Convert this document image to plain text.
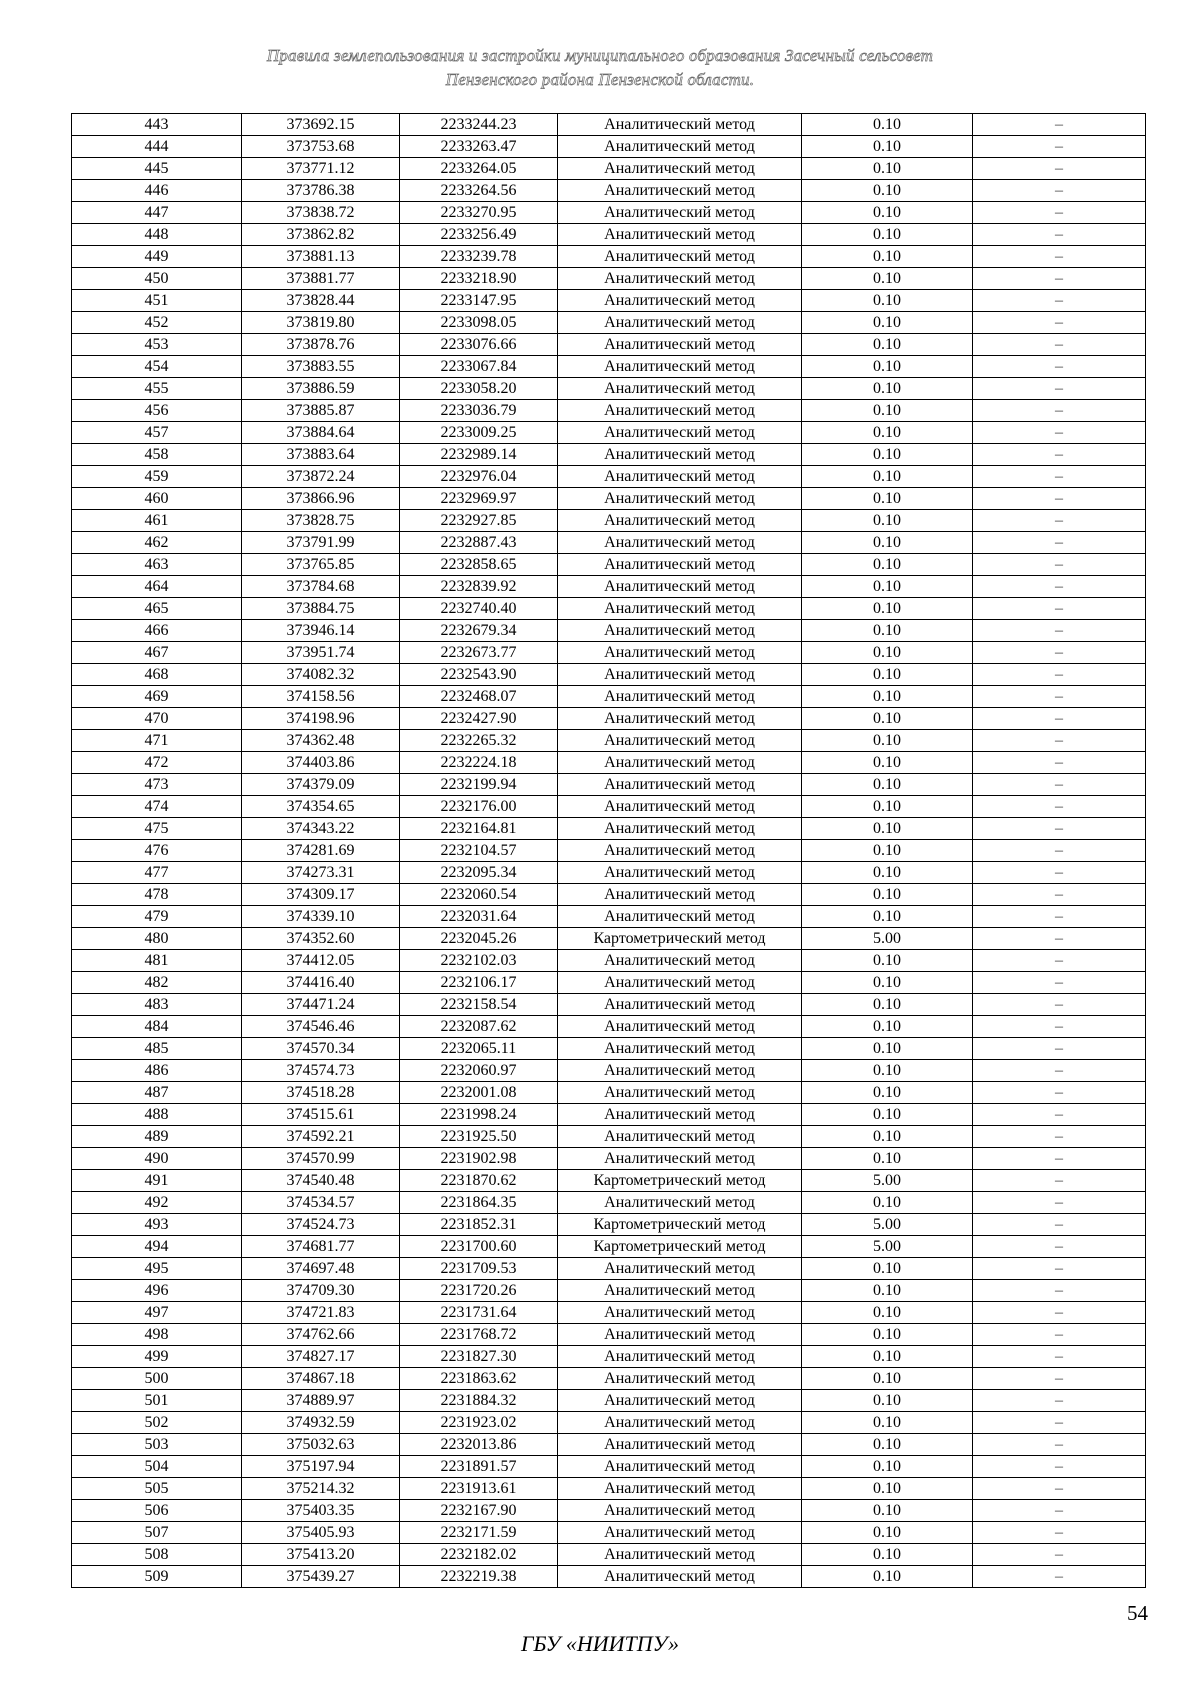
Правила землепользования и застройки муниципального образования Засечный сельсовет
Пензенского района Пензенской области.
443	373692.15	2233244.23	Аналитический метод	0.10	–
444	373753.68	2233263.47	Аналитический метод	0.10	–
445	373771.12	2233264.05	Аналитический метод	0.10	–
446	373786.38	2233264.56	Аналитический метод	0.10	–
447	373838.72	2233270.95	Аналитический метод	0.10	–
448	373862.82	2233256.49	Аналитический метод	0.10	–
449	373881.13	2233239.78	Аналитический метод	0.10	–
450	373881.77	2233218.90	Аналитический метод	0.10	–
451	373828.44	2233147.95	Аналитический метод	0.10	–
452	373819.80	2233098.05	Аналитический метод	0.10	–
453	373878.76	2233076.66	Аналитический метод	0.10	–
454	373883.55	2233067.84	Аналитический метод	0.10	–
455	373886.59	2233058.20	Аналитический метод	0.10	–
456	373885.87	2233036.79	Аналитический метод	0.10	–
457	373884.64	2233009.25	Аналитический метод	0.10	–
458	373883.64	2232989.14	Аналитический метод	0.10	–
459	373872.24	2232976.04	Аналитический метод	0.10	–
460	373866.96	2232969.97	Аналитический метод	0.10	–
461	373828.75	2232927.85	Аналитический метод	0.10	–
462	373791.99	2232887.43	Аналитический метод	0.10	–
463	373765.85	2232858.65	Аналитический метод	0.10	–
464	373784.68	2232839.92	Аналитический метод	0.10	–
465	373884.75	2232740.40	Аналитический метод	0.10	–
466	373946.14	2232679.34	Аналитический метод	0.10	–
467	373951.74	2232673.77	Аналитический метод	0.10	–
468	374082.32	2232543.90	Аналитический метод	0.10	–
469	374158.56	2232468.07	Аналитический метод	0.10	–
470	374198.96	2232427.90	Аналитический метод	0.10	–
471	374362.48	2232265.32	Аналитический метод	0.10	–
472	374403.86	2232224.18	Аналитический метод	0.10	–
473	374379.09	2232199.94	Аналитический метод	0.10	–
474	374354.65	2232176.00	Аналитический метод	0.10	–
475	374343.22	2232164.81	Аналитический метод	0.10	–
476	374281.69	2232104.57	Аналитический метод	0.10	–
477	374273.31	2232095.34	Аналитический метод	0.10	–
478	374309.17	2232060.54	Аналитический метод	0.10	–
479	374339.10	2232031.64	Аналитический метод	0.10	–
480	374352.60	2232045.26	Картометрический метод	5.00	–
481	374412.05	2232102.03	Аналитический метод	0.10	–
482	374416.40	2232106.17	Аналитический метод	0.10	–
483	374471.24	2232158.54	Аналитический метод	0.10	–
484	374546.46	2232087.62	Аналитический метод	0.10	–
485	374570.34	2232065.11	Аналитический метод	0.10	–
486	374574.73	2232060.97	Аналитический метод	0.10	–
487	374518.28	2232001.08	Аналитический метод	0.10	–
488	374515.61	2231998.24	Аналитический метод	0.10	–
489	374592.21	2231925.50	Аналитический метод	0.10	–
490	374570.99	2231902.98	Аналитический метод	0.10	–
491	374540.48	2231870.62	Картометрический метод	5.00	–
492	374534.57	2231864.35	Аналитический метод	0.10	–
493	374524.73	2231852.31	Картометрический метод	5.00	–
494	374681.77	2231700.60	Картометрический метод	5.00	–
495	374697.48	2231709.53	Аналитический метод	0.10	–
496	374709.30	2231720.26	Аналитический метод	0.10	–
497	374721.83	2231731.64	Аналитический метод	0.10	–
498	374762.66	2231768.72	Аналитический метод	0.10	–
499	374827.17	2231827.30	Аналитический метод	0.10	–
500	374867.18	2231863.62	Аналитический метод	0.10	–
501	374889.97	2231884.32	Аналитический метод	0.10	–
502	374932.59	2231923.02	Аналитический метод	0.10	–
503	375032.63	2232013.86	Аналитический метод	0.10	–
504	375197.94	2231891.57	Аналитический метод	0.10	–
505	375214.32	2231913.61	Аналитический метод	0.10	–
506	375403.35	2232167.90	Аналитический метод	0.10	–
507	375405.93	2232171.59	Аналитический метод	0.10	–
508	375413.20	2232182.02	Аналитический метод	0.10	–
509	375439.27	2232219.38	Аналитический метод	0.10	–
54
ГБУ «НИИТПУ»
